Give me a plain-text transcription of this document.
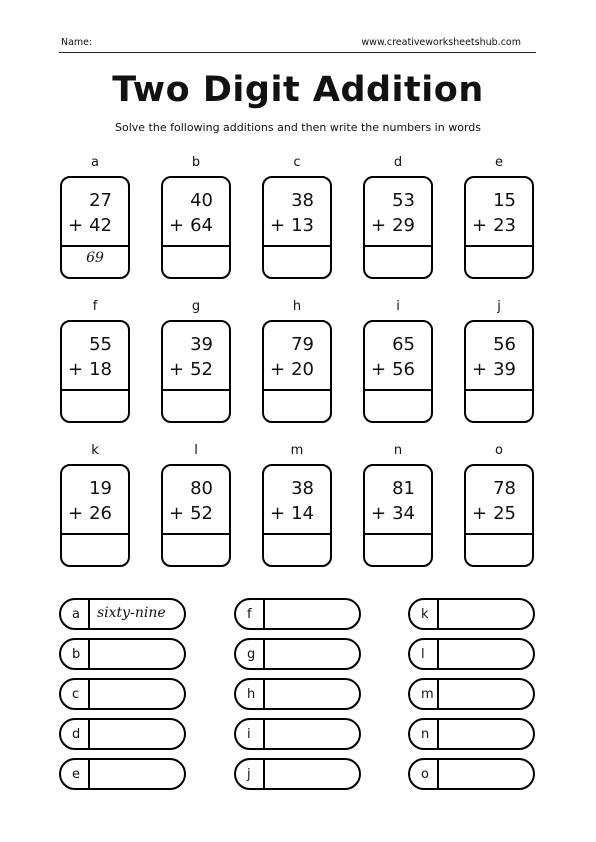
Name:	www.creativeworksheetshub.com
Two Digit Addition
Solve the following additions and then write the numbers in words
a
27
+ 42
69
b
40
+ 64
c
38
+ 13
d
53
+ 29
e
15
+ 23
f
55
+ 18
g
39
+ 52
h
79
+ 20
i
65
+ 56
j
56
+ 39
k
19
+ 26
l
80
+ 52
m
38
+ 14
n
81
+ 34
o
78
+ 25
a sixty-nine
b
c
d
e
f
g
h
i
j
k
l
m
n
o
